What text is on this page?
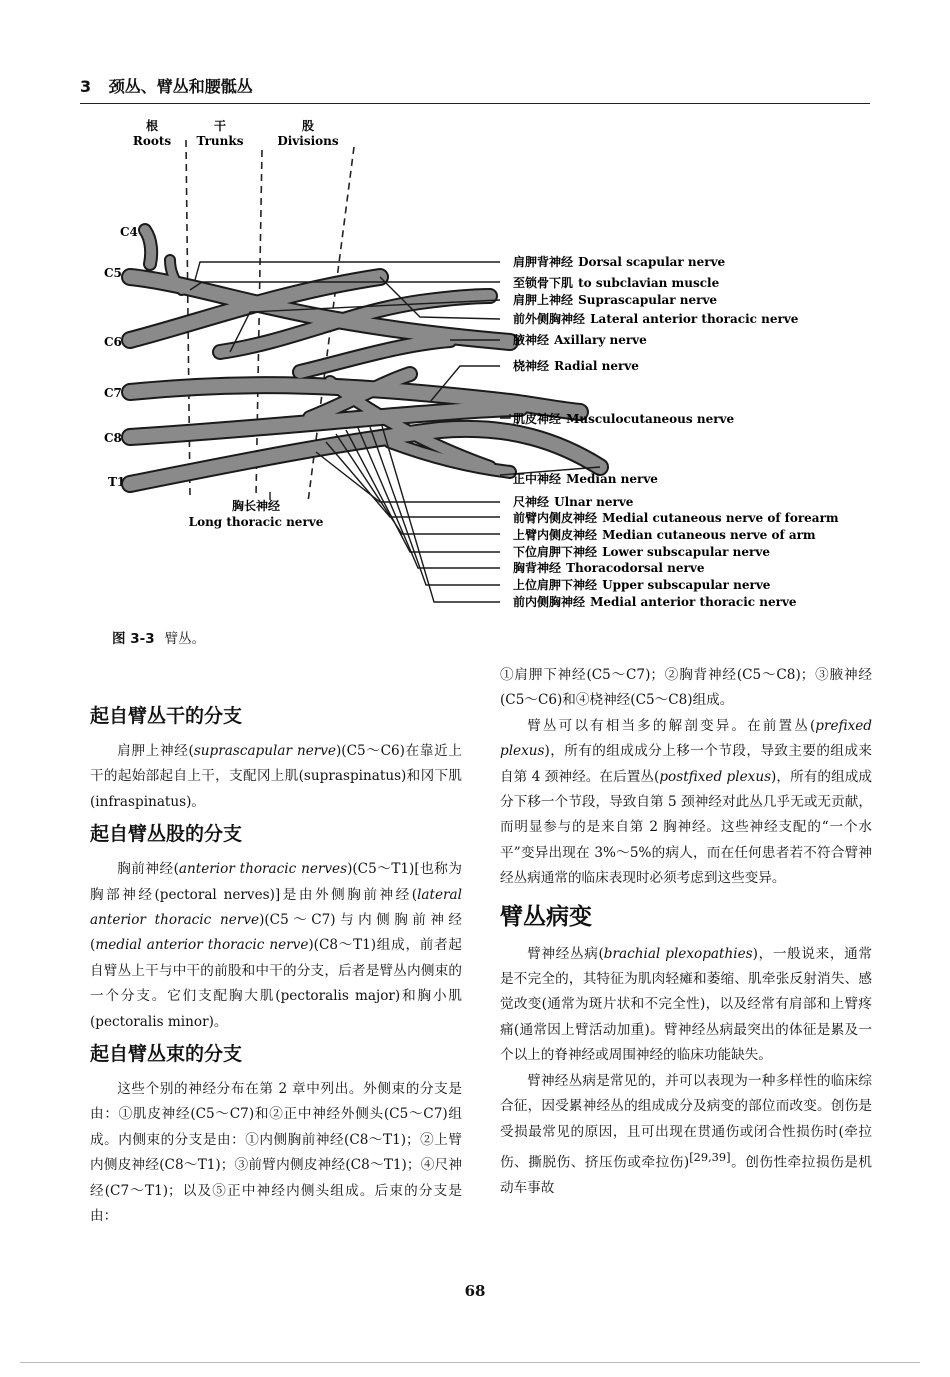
3 颈丛、臂丛和腰骶丛
根
Roots
干
Trunks
股
Divisions
C4
C5
C6
C7
C8
T1
胸长神经
Long thoracic nerve
肩胛背神经 Dorsal scapular nerve
至锁骨下肌 to subclavian muscle
肩胛上神经 Suprascapular nerve
前外侧胸神经 Lateral anterior thoracic nerve
腋神经 Axillary nerve
桡神经 Radial nerve
肌皮神经 Musculocutaneous nerve
正中神经 Median nerve
尺神经 Ulnar nerve
前臂内侧皮神经 Medial cutaneous nerve of forearm
上臂内侧皮神经 Median cutaneous nerve of arm
下位肩胛下神经 Lower subscapular nerve
胸背神经 Thoracodorsal nerve
上位肩胛下神经 Upper subscapular nerve
前内侧胸神经 Medial anterior thoracic nerve
图 3-3 臂丛。
起自臂丛干的分支

肩胛上神经(suprascapular nerve)(C5～C6)在靠近上干的起始部起自上干，支配冈上肌(supraspinatus)和冈下肌(infraspinatus)。

起自臂丛股的分支

胸前神经(anterior thoracic nerves)(C5～T1)[也称为胸部神经(pectoral nerves)]是由外侧胸前神经(lateral anterior thoracic nerve)(C5～C7)与内侧胸前神经(medial anterior thoracic nerve)(C8～T1)组成，前者起自臂丛上干与中干的前股和中干的分支，后者是臂丛内侧束的一个分支。它们支配胸大肌(pectoralis major)和胸小肌(pectoralis minor)。

起自臂丛束的分支

这些个别的神经分布在第 2 章中列出。外侧束的分支是由：①肌皮神经(C5～C7)和②正中神经外侧头(C5～C7)组成。内侧束的分支是由：①内侧胸前神经(C8～T1)；②上臂内侧皮神经(C8～T1)；③前臂内侧皮神经(C8～T1)；④尺神经(C7～T1)；以及⑤正中神经内侧头组成。后束的分支是由：

①肩胛下神经(C5～C7)；②胸背神经(C5～C8)；③腋神经(C5～C6)和④桡神经(C5～C8)组成。

臂丛可以有相当多的解剖变异。在前置丛(prefixed plexus)，所有的组成成分上移一个节段，导致主要的组成来自第 4 颈神经。在后置丛(postfixed plexus)，所有的组成成分下移一个节段，导致自第 5 颈神经对此丛几乎无或无贡献，而明显参与的是来自第 2 胸神经。这些神经支配的“一个水平”变异出现在 3%～5%的病人，而在任何患者若不符合臂神经丛病通常的临床表现时必须考虑到这些变异。

臂丛病变

臂神经丛病(brachial plexopathies)，一般说来，通常是不完全的，其特征为肌肉轻瘫和萎缩、肌牵张反射消失、感觉改变(通常为斑片状和不完全性)，以及经常有肩部和上臂疼痛(通常因上臂活动加重)。臂神经丛病最突出的体征是累及一个以上的脊神经或周围神经的临床功能缺失。

臂神经丛病是常见的，并可以表现为一种多样性的临床综合征，因受累神经丛的组成成分及病变的部位而改变。创伤是受损最常见的原因，且可出现在贯通伤或闭合性损伤时(牵拉伤、撕脱伤、挤压伤或牵拉伤)[29,39]。创伤性牵拉损伤是机动车事故

68
